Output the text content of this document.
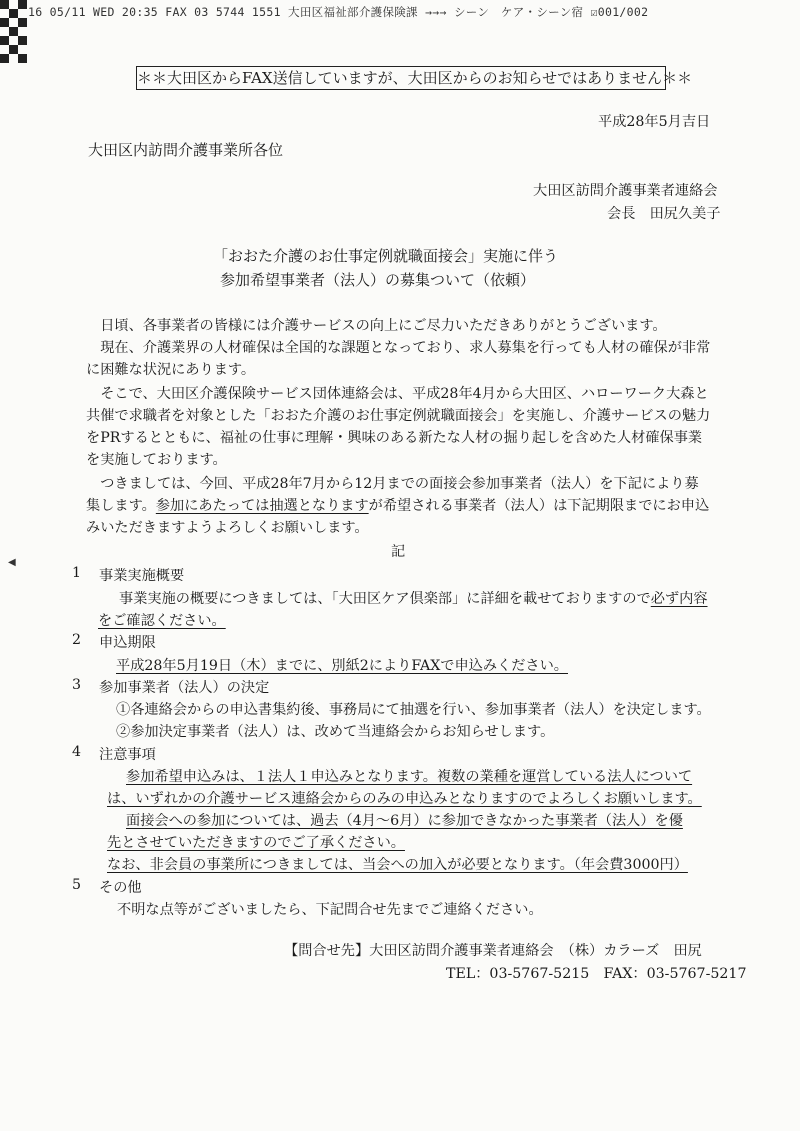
16 05/11 WED 20:35 FAX 03 5744 1551 大田区福祉部介護保険課 →→→ シーン　ケア・シーン宿 ☑001/002
＊＊大田区からFAX送信していますが、大田区からのお知らせではありません＊＊
平成28年5月吉日
大田区内訪問介護事業所各位
大田区訪問介護事業者連絡会
会長　田尻久美子
「おおた介護のお仕事定例就職面接会」実施に伴う
参加希望事業者（法人）の募集ついて（依頼）
　日頃、各事業者の皆様には介護サービスの向上にご尽力いただきありがとうございます。
　現在、介護業界の人材確保は全国的な課題となっており、求人募集を行っても人材の確保が非常
に困難な状況にあります。
　そこで、大田区介護保険サービス団体連絡会は、平成28年4月から大田区、ハローワーク大森と
共催で求職者を対象とした「おおた介護のお仕事定例就職面接会」を実施し、介護サービスの魅力
をPRするとともに、福祉の仕事に理解・興味のある新たな人材の掘り起しを含めた人材確保事業
を実施しております。
　つきましては、今回、平成28年7月から12月までの面接会参加事業者（法人）を下記により募
集します。参加にあたっては抽選となりますが希望される事業者（法人）は下記期限までにお申込
みいただきますようよろしくお願いします。
記
◀
1 事業実施概要
事業実施の概要につきましては、「大田区ケア倶楽部」に詳細を載せておりますので必ず内容
をご確認ください。
2 申込期限
平成28年5月19日（木）までに、別紙2によりFAXで申込みください。
3 参加事業者（法人）の決定
①各連絡会からの申込書集約後、事務局にて抽選を行い、参加事業者（法人）を決定します。
②参加決定事業者（法人）は、改めて当連絡会からお知らせします。
4 注意事項
参加希望申込みは、１法人１申込みとなります。複数の業種を運営している法人について
は、いずれかの介護サービス連絡会からのみの申込みとなりますのでよろしくお願いします。
面接会への参加については、過去（4月～6月）に参加できなかった事業者（法人）を優
先とさせていただきますのでご了承ください。
なお、非会員の事業所につきましては、当会への加入が必要となります。（年会費3000円）
5 その他
不明な点等がございましたら、下記問合せ先までご連絡ください。
【問合せ先】大田区訪問介護事業者連絡会　（株）カラーズ　田尻
TEL：03-5767-5215　FAX：03-5767-5217
